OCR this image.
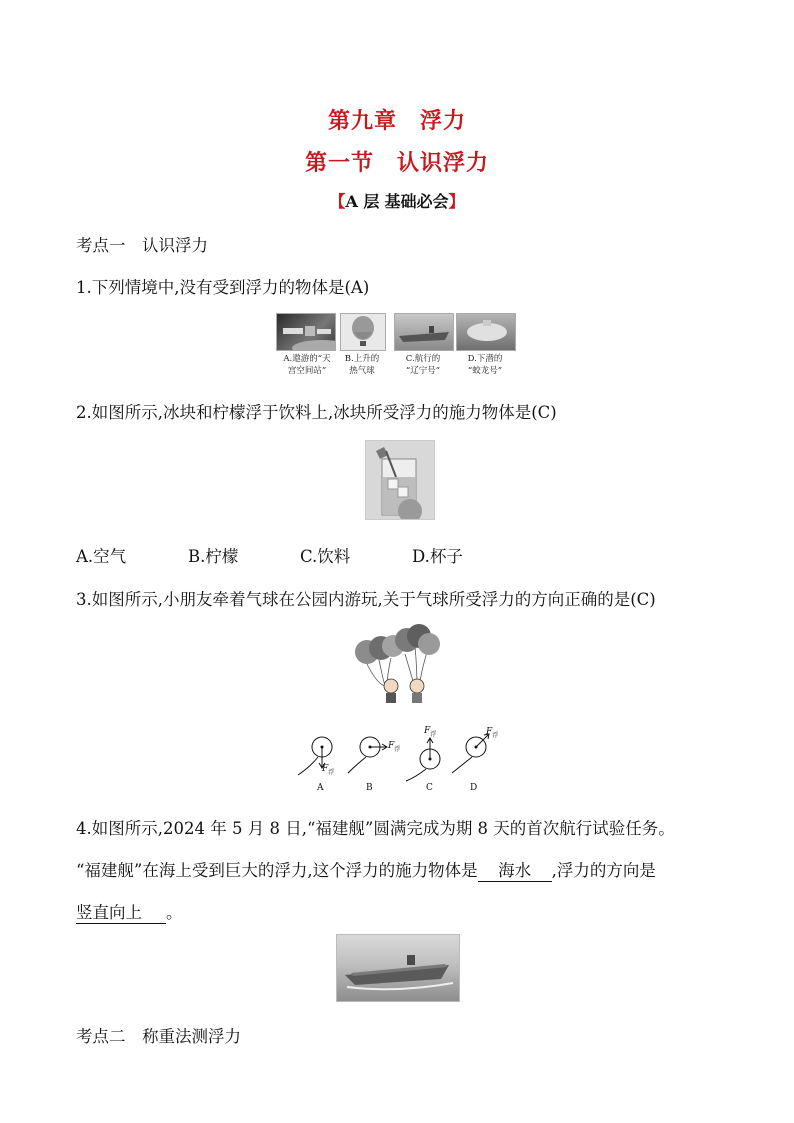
第九章　浮力
第一节　认识浮力
【A 层 基础必会】
考点一　认识浮力
1.下列情境中,没有受到浮力的物体是(A)
A.遨游的“天
宫空间站”
B.上升的
热气球
C.航行的
“辽宁号”
D.下潜的
“蛟龙号”
2.如图所示,冰块和柠檬浮于饮料上,冰块所受浮力的施力物体是(C)
A.空气	B.柠檬	C.饮料	D.杯子
3.如图所示,小朋友牵着气球在公园内游玩,关于气球所受浮力的方向正确的是(C)
$F_浮$
$F_浮$
$F_浮$	$F_浮$
A	B	C	D
4.如图所示,2024 年 5 月 8 日,“福建舰”圆满完成为期 8 天的首次航行试验任务。
“福建舰”在海上受到巨大的浮力,这个浮力的施力物体是 海水 ,浮力的方向是
竖直向上 。
考点二　称重法测浮力
